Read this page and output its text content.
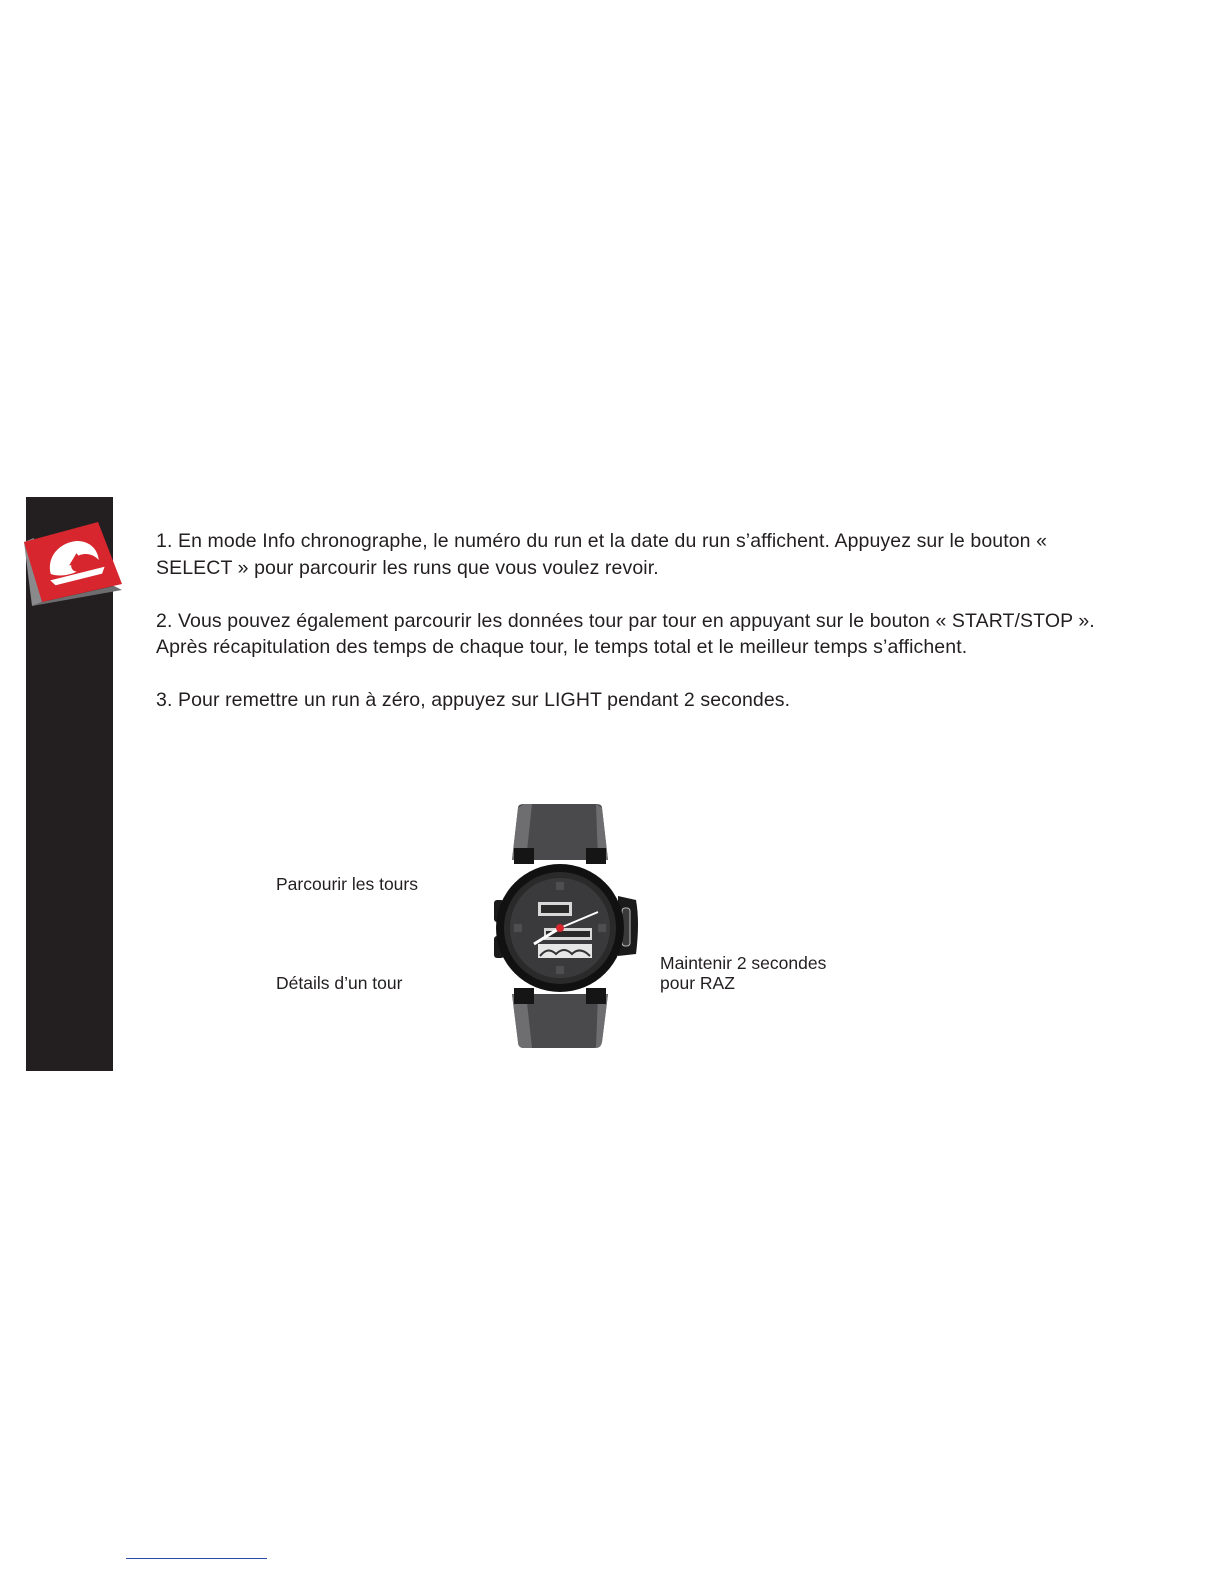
1. En mode Info chronographe, le numéro du run et la date du run s’affichent. Appuyez sur le bouton « SELECT » pour parcourir les runs que vous voulez revoir.

2. Vous pouvez également parcourir les données tour par tour en appuyant sur le bouton « START/STOP ». Après récapitulation des temps de chaque tour, le temps total et le meilleur temps s’affichent.

3. Pour remettre un run à zéro, appuyez sur LIGHT pendant 2 secondes.

Parcourir les tours
Détails d’un tour
Maintenir 2 secondes
pour RAZ
